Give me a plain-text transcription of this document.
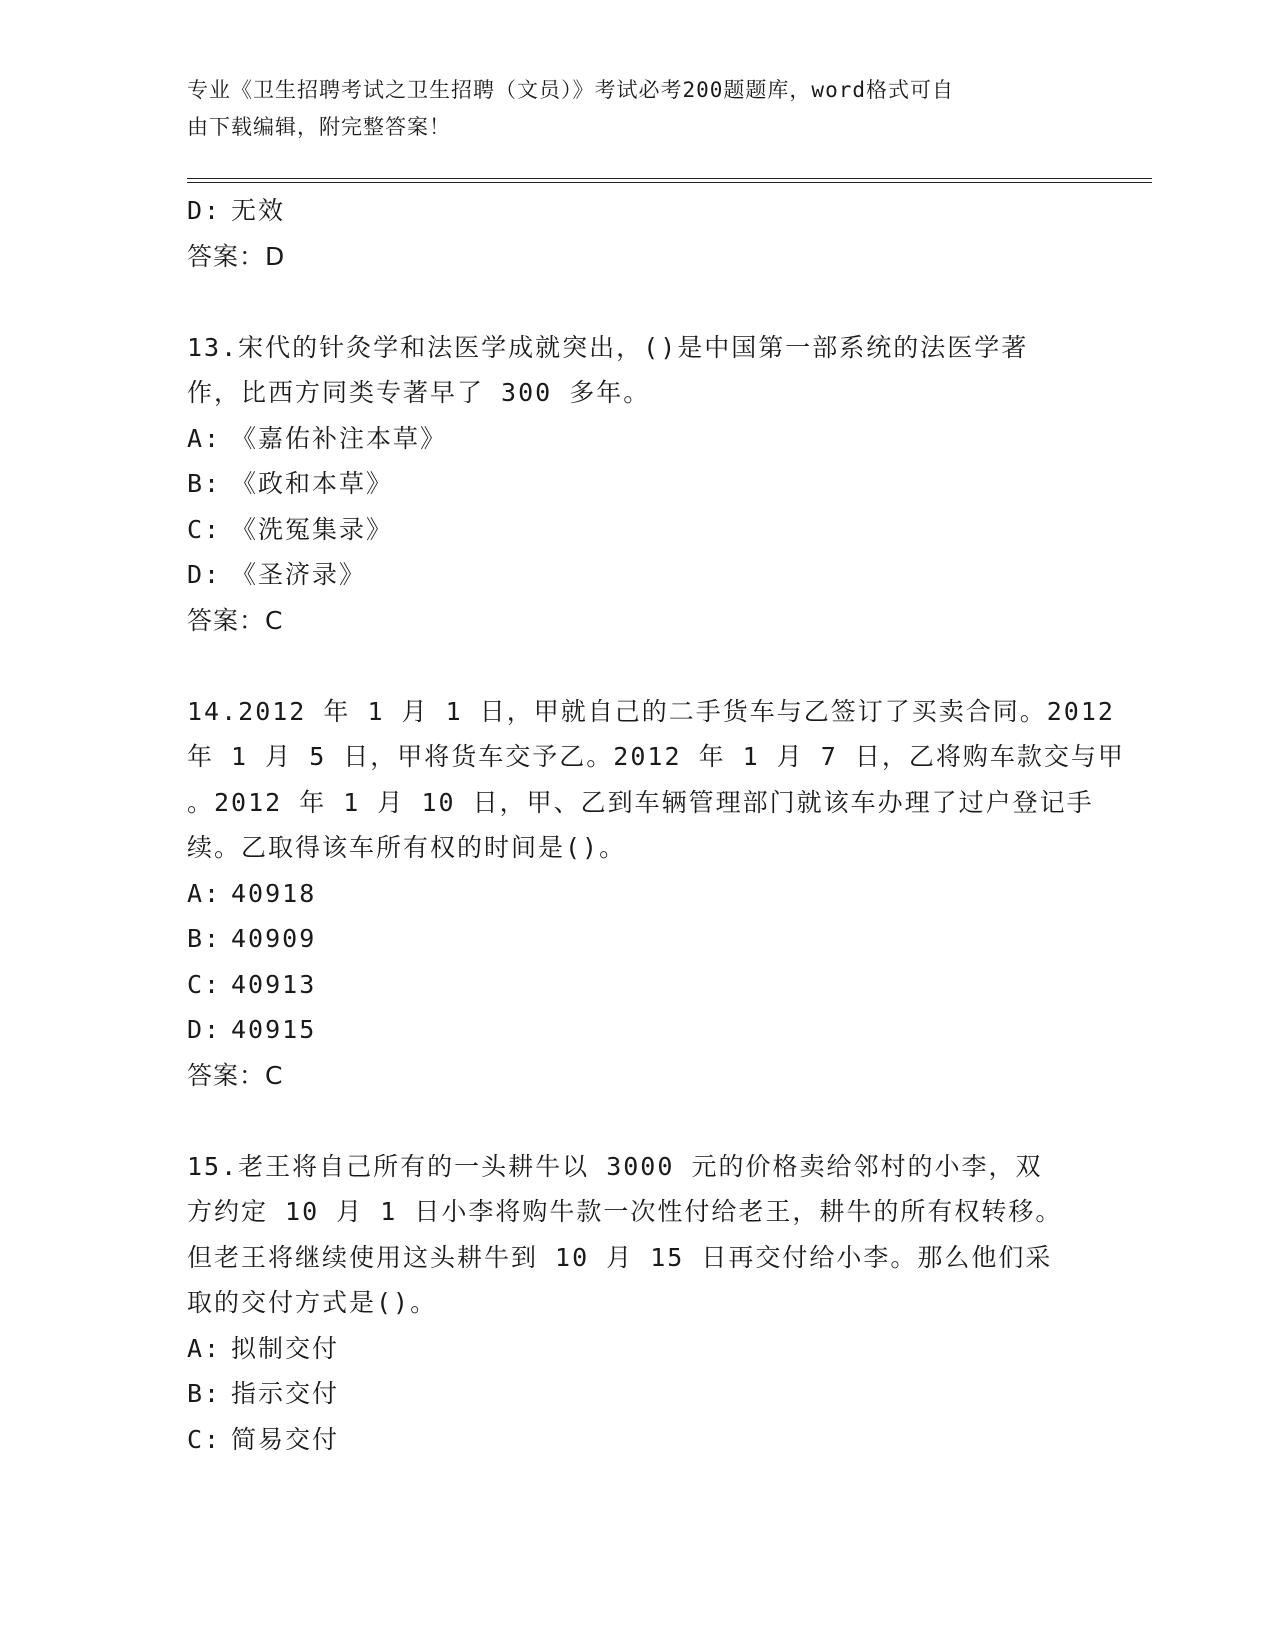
专业《卫生招聘考试之卫生招聘（文员）》考试必考200题题库，word格式可自
由下载编辑，附完整答案！
D: 无效
答案：D
13.宋代的针灸学和法医学成就突出，()是中国第一部系统的法医学著
作，比西方同类专著早了 300 多年。
A: 《嘉佑补注本草》
B: 《政和本草》
C: 《洗冤集录》
D: 《圣济录》
答案：C
14.2012 年 1 月 1 日，甲就自己的二手货车与乙签订了买卖合同。2012
年 1 月 5 日，甲将货车交予乙。2012 年 1 月 7 日，乙将购车款交与甲
。2012 年 1 月 10 日，甲、乙到车辆管理部门就该车办理了过户登记手
续。乙取得该车所有权的时间是()。
A: 40918
B: 40909
C: 40913
D: 40915
答案：C
15.老王将自己所有的一头耕牛以 3000 元的价格卖给邻村的小李，双
方约定 10 月 1 日小李将购牛款一次性付给老王，耕牛的所有权转移。
但老王将继续使用这头耕牛到 10 月 15 日再交付给小李。那么他们采
取的交付方式是()。
A: 拟制交付
B: 指示交付
C: 简易交付
